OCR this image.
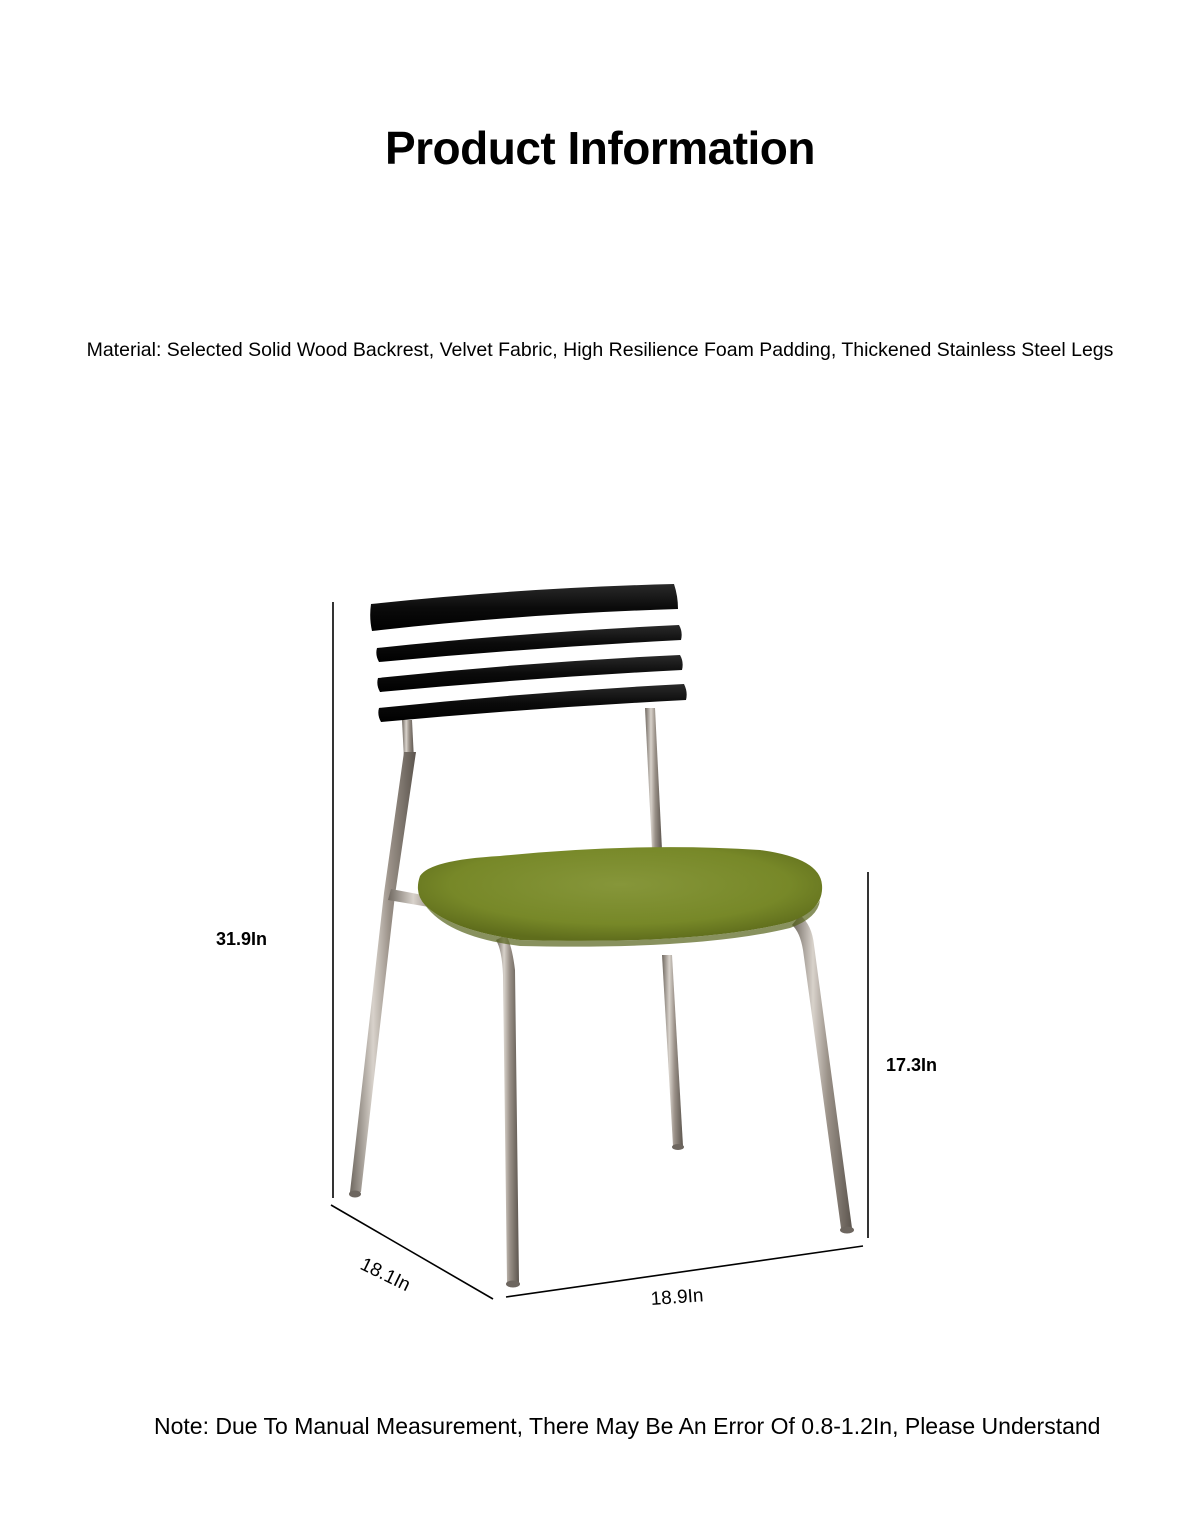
Product Information
Material: Selected Solid Wood Backrest, Velvet Fabric, High Resilience Foam Padding, Thickened Stainless Steel Legs
31.9In
17.3In
18.1In
18.9In
Note: Due To Manual Measurement, There May Be An Error Of 0.8-1.2In, Please Understand
